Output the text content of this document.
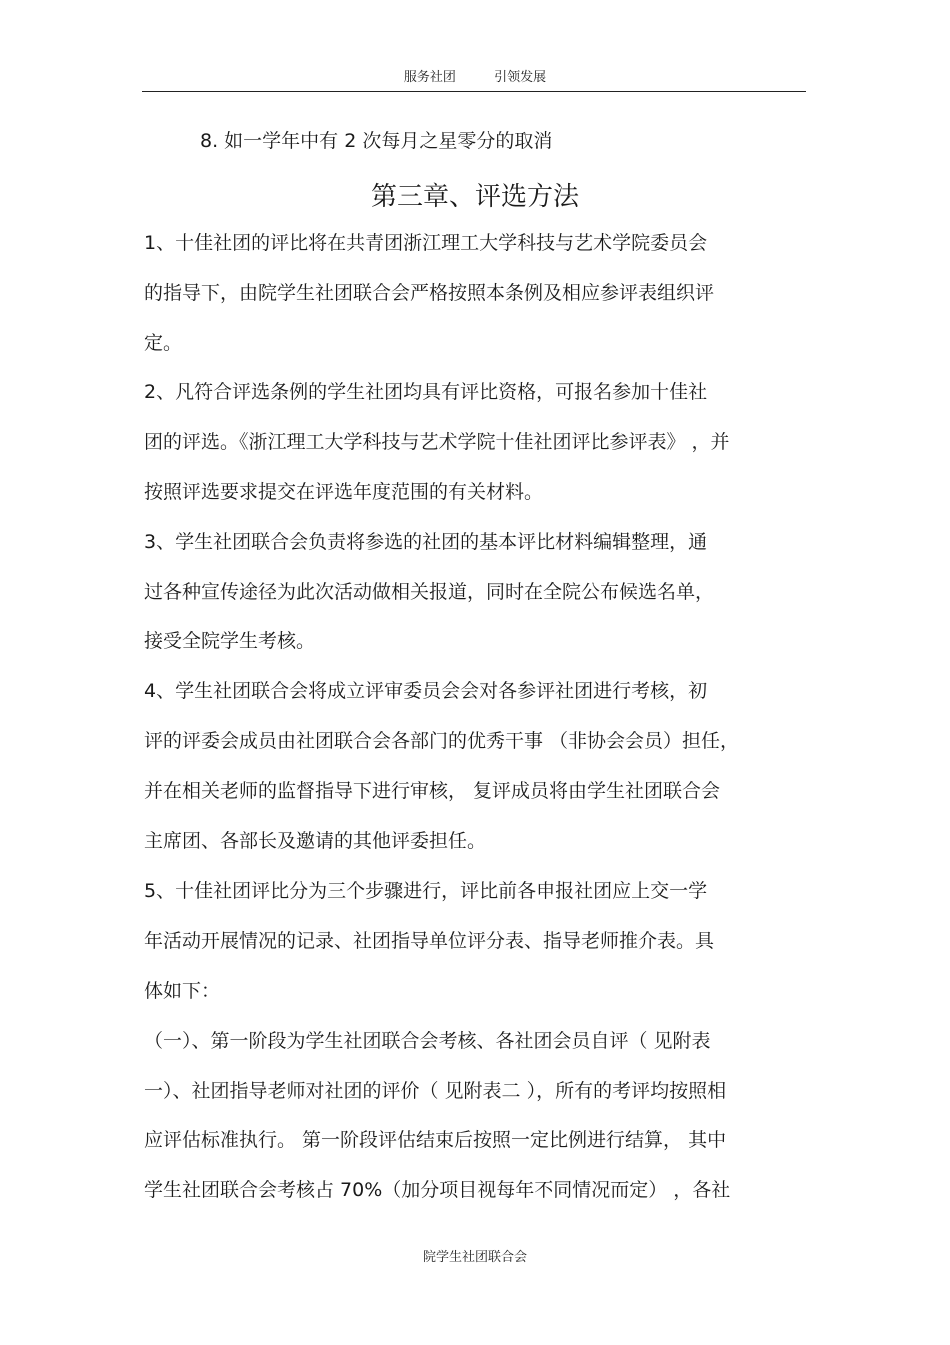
服务社团	引领发展
8. 如一学年中有 2 次每月之星零分的取消
第三章、评选方法
1、十佳社团的评比将在共青团浙江理工大学科技与艺术学院委员会
的指导下，由院学生社团联合会严格按照本条例及相应参评表组织评
定。
2、凡符合评选条例的学生社团均具有评比资格，可报名参加十佳社
团的评选。《浙江理工大学科技与艺术学院十佳社团评比参评表》 ，并
按照评选要求提交在评选年度范围的有关材料。
3、学生社团联合会负责将参选的社团的基本评比材料编辑整理，通
过各种宣传途径为此次活动做相关报道，同时在全院公布候选名单，
接受全院学生考核。
4、学生社团联合会将成立评审委员会会对各参评社团进行考核，初
评的评委会成员由社团联合会各部门的优秀干事 （非协会会员）担任，
并在相关老师的监督指导下进行审核， 复评成员将由学生社团联合会
主席团、各部长及邀请的其他评委担任。
5、十佳社团评比分为三个步骤进行，评比前各申报社团应上交一学
年活动开展情况的记录、社团指导单位评分表、指导老师推介表。具
体如下：
（一）、第一阶段为学生社团联合会考核、各社团会员自评（ 见附表
一）、社团指导老师对社团的评价（ 见附表二 ），所有的考评均按照相
应评估标准执行。 第一阶段评估结束后按照一定比例进行结算， 其中
学生社团联合会考核占 70%（加分项目视每年不同情况而定） ，各社
院学生社团联合会
